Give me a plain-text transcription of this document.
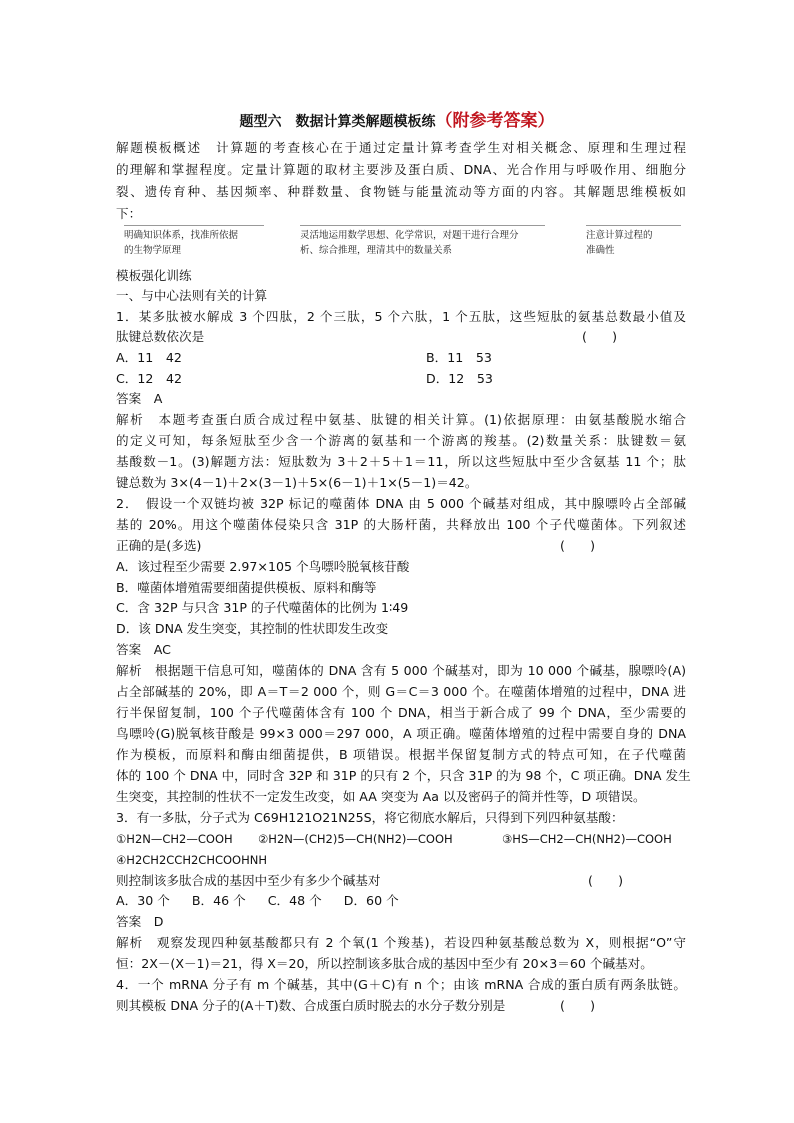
题型六　数据计算类解题模板练（附参考答案）
解题模板概述　计算题的考查核心在于通过定量计算考查学生对相关概念、原理和生理过程
的理解和掌握程度。定量计算题的取材主要涉及蛋白质、DNA、光合作用与呼吸作用、细胞分
裂、遗传育种、基因频率、种群数量、食物链与能量流动等方面的内容。其解题思维模板如
下：
明确知识体系，找准所依据
的生物学原理
灵活地运用数学思想、化学常识，对题干进行合理分
析、综合推理，理清其中的数量关系
注意计算过程的
准确性
模板强化训练
一、与中心法则有关的计算
1．某多肽被水解成 3 个四肽，2 个三肽，5 个六肽，1 个五肽，这些短肽的氨基总数最小值及
肽键总数依次是	(　　)
A．11　42	B．11　53
C．12　42	D．12　53
答案　A
解析　本题考查蛋白质合成过程中氨基、肽键的相关计算。(1)依据原理：由氨基酸脱水缩合
的定义可知，每条短肽至少含一个游离的氨基和一个游离的羧基。(2)数量关系：肽键数＝氨
基酸数－1。(3)解题方法：短肽数为 3＋2＋5＋1＝11，所以这些短肽中至少含氨基 11 个；肽
键总数为 3×(4－1)＋2×(3－1)＋5×(6－1)＋1×(5－1)＝42。
2．　假设一个双链均被 32P 标记的噬菌体 DNA 由 5 000 个碱基对组成，其中腺嘌呤占全部碱
基的 20%。用这个噬菌体侵染只含 31P 的大肠杆菌，共释放出 100 个子代噬菌体。下列叙述
正确的是(多选)	(　　)
A．该过程至少需要 2.97×105 个鸟嘌呤脱氧核苷酸
B．噬菌体增殖需要细菌提供模板、原料和酶等
C．含 32P 与只含 31P 的子代噬菌体的比例为 1∶49
D．该 DNA 发生突变，其控制的性状即发生改变
答案　AC
解析　根据题干信息可知，噬菌体的 DNA 含有 5 000 个碱基对，即为 10 000 个碱基，腺嘌呤(A)
占全部碱基的 20%，即 A＝T＝2 000 个，则 G＝C＝3 000 个。在噬菌体增殖的过程中，DNA 进
行半保留复制，100 个子代噬菌体含有 100 个 DNA，相当于新合成了 99 个 DNA，至少需要的
鸟嘌呤(G)脱氧核苷酸是 99×3 000＝297 000，A 项正确。噬菌体增殖的过程中需要自身的 DNA
作为模板，而原料和酶由细菌提供，B 项错误。根据半保留复制方式的特点可知，在子代噬菌
体的 100 个 DNA 中，同时含 32P 和 31P 的只有 2 个，只含 31P 的为 98 个，C 项正确。DNA 发生
生突变，其控制的性状不一定发生改变，如 AA 突变为 Aa 以及密码子的简并性等，D 项错误。
3．有一多肽，分子式为 C69H121O21N25S，将它彻底水解后，只得到下列四种氨基酸：
①H2N—CH2—COOH ②H2N—(CH2)5—CH(NH2)—COOH	③HS—CH2—CH(NH2)—COOH
④H2CH2CCH2CHCOOHNH
则控制该多肽合成的基因中至少有多少个碱基对	(　　)
A．30 个 B．46 个 C．48 个 D．60 个
答案　D
解析　观察发现四种氨基酸都只有 2 个氧(1 个羧基)，若设四种氨基酸总数为 X，则根据“O”守
恒：2X－(X－1)＝21，得 X＝20，所以控制该多肽合成的基因中至少有 20×3＝60 个碱基对。
4．一个 mRNA 分子有 m 个碱基，其中(G＋C)有 n 个；由该 mRNA 合成的蛋白质有两条肽链。
则其模板 DNA 分子的(A＋T)数、合成蛋白质时脱去的水分子数分别是	(　　)
